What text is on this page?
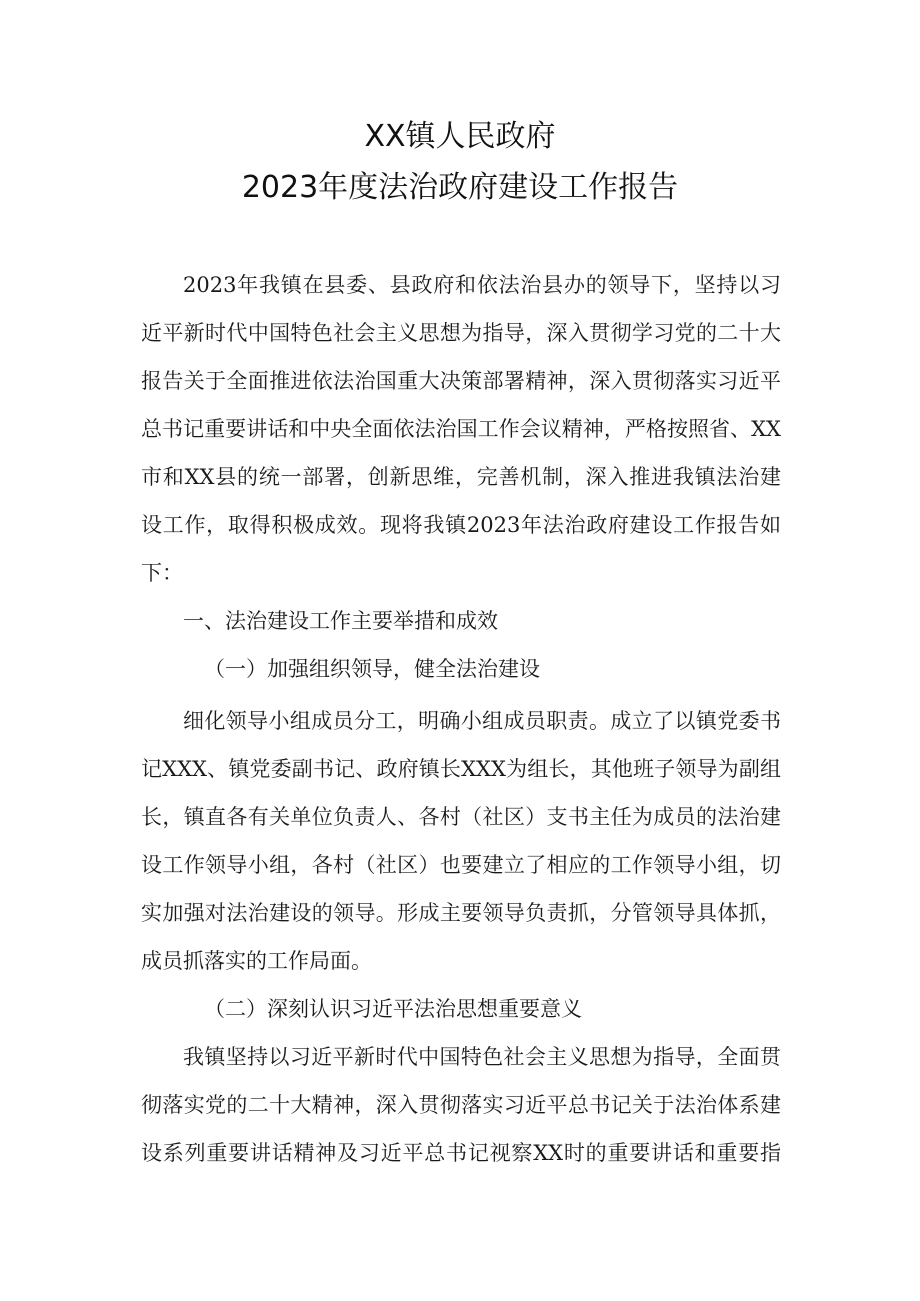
XX镇人民政府
2023年度法治政府建设工作报告
2023年我镇在县委、县政府和依法治县办的领导下，坚持以习
近平新时代中国特色社会主义思想为指导，深入贯彻学习党的二十大
报告关于全面推进依法治国重大决策部署精神，深入贯彻落实习近平
总书记重要讲话和中央全面依法治国工作会议精神，严格按照省、XX
市和XX县的统一部署，创新思维，完善机制，深入推进我镇法治建
设工作，取得积极成效。现将我镇2023年法治政府建设工作报告如
下：
一、法治建设工作主要举措和成效
（一）加强组织领导，健全法治建设
细化领导小组成员分工，明确小组成员职责。成立了以镇党委书
记XXX、镇党委副书记、政府镇长XXX为组长，其他班子领导为副组
长，镇直各有关单位负责人、各村（社区）支书主任为成员的法治建
设工作领导小组，各村（社区）也要建立了相应的工作领导小组，切
实加强对法治建设的领导。形成主要领导负责抓，分管领导具体抓，
成员抓落实的工作局面。
（二）深刻认识习近平法治思想重要意义
我镇坚持以习近平新时代中国特色社会主义思想为指导，全面贯
彻落实党的二十大精神，深入贯彻落实习近平总书记关于法治体系建
设系列重要讲话精神及习近平总书记视察XX时的重要讲话和重要指
